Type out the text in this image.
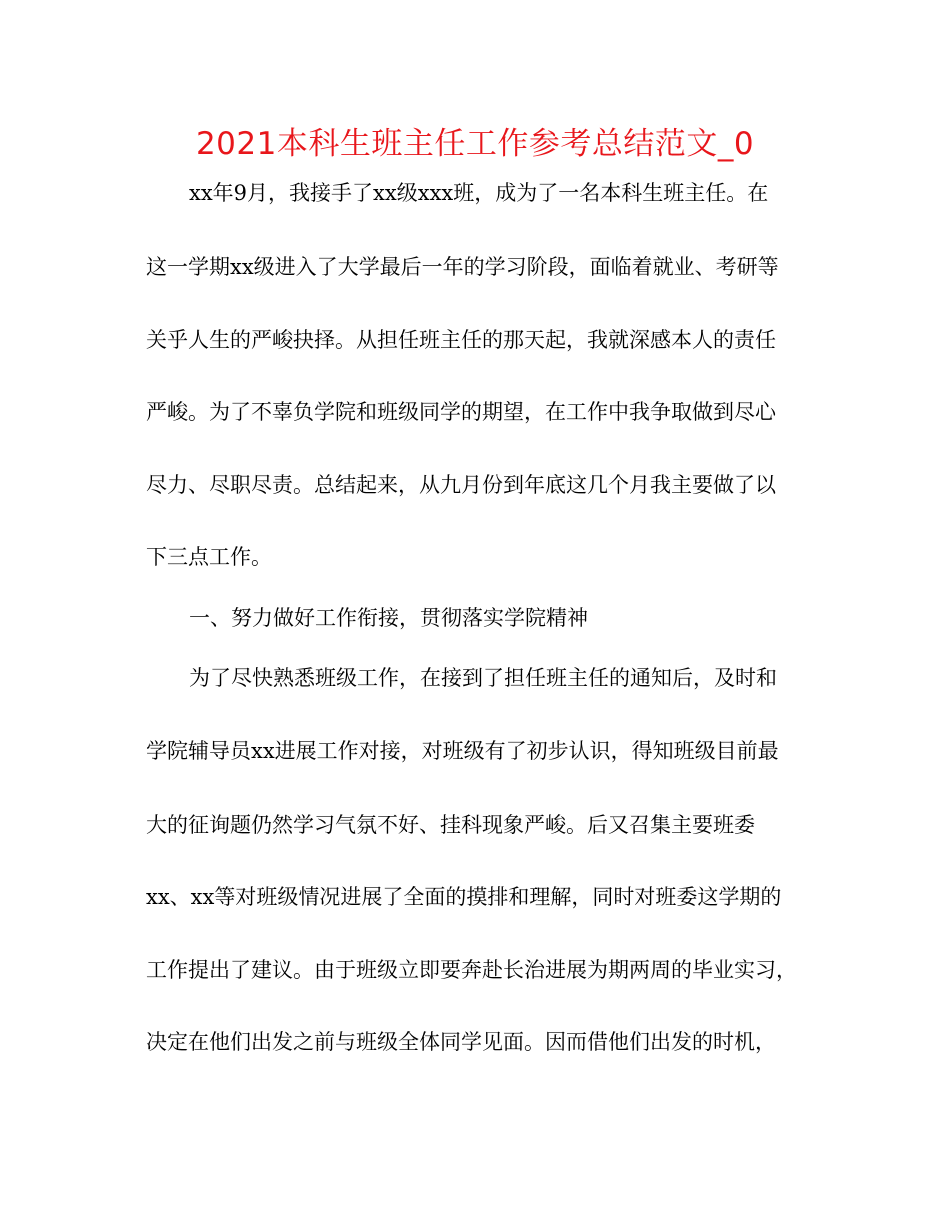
2021本科生班主任工作参考总结范文_0
xx年9月，我接手了xx级xxx班，成为了一名本科生班主任。在
这一学期xx级进入了大学最后一年的学习阶段，面临着就业、考研等
关乎人生的严峻抉择。从担任班主任的那天起，我就深感本人的责任
严峻。为了不辜负学院和班级同学的期望，在工作中我争取做到尽心
尽力、尽职尽责。总结起来，从九月份到年底这几个月我主要做了以
下三点工作。
一、努力做好工作衔接，贯彻落实学院精神
为了尽快熟悉班级工作，在接到了担任班主任的通知后，及时和
学院辅导员xx进展工作对接，对班级有了初步认识，得知班级目前最
大的征询题仍然学习气氛不好、挂科现象严峻。后又召集主要班委
xx、xx等对班级情况进展了全面的摸排和理解，同时对班委这学期的
工作提出了建议。由于班级立即要奔赴长治进展为期两周的毕业实习，
决定在他们出发之前与班级全体同学见面。因而借他们出发的时机，
